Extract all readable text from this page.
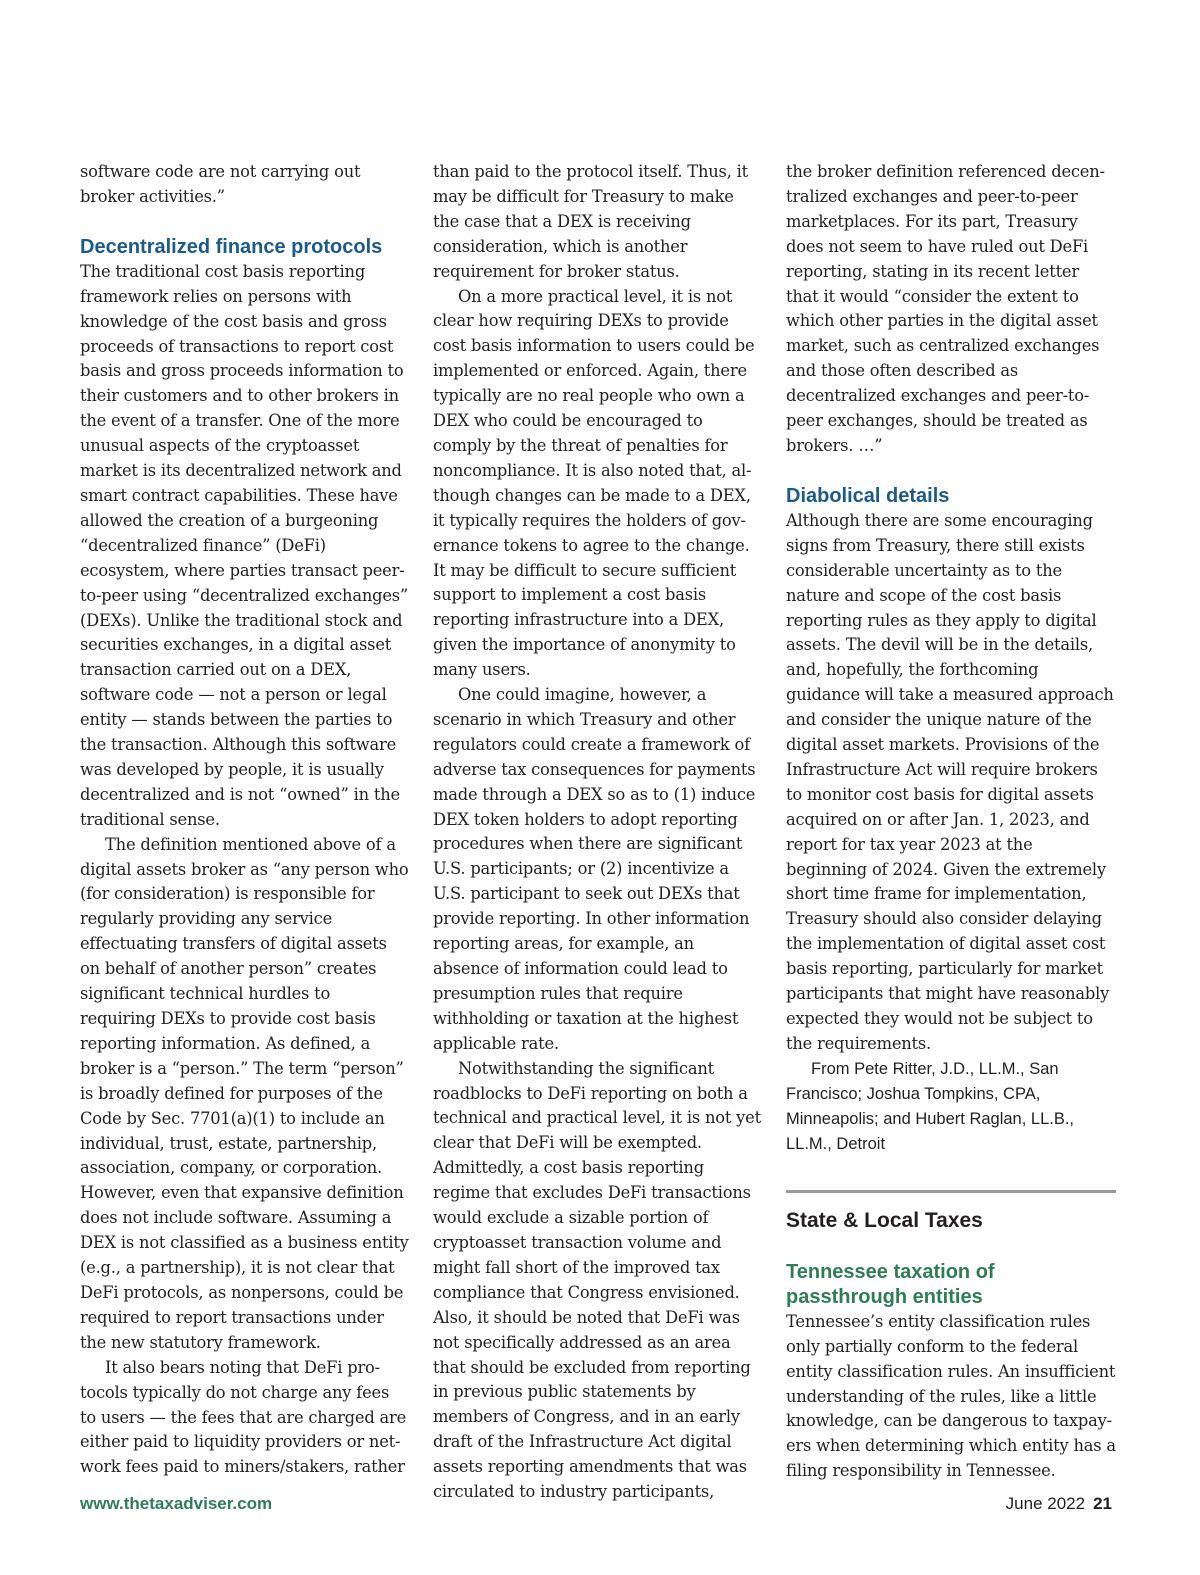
software code are not carrying out broker activities.”

Decentralized finance protocols

The traditional cost basis reporting framework relies on persons with knowledge of the cost basis and gross proceeds of transactions to report cost basis and gross proceeds information to their customers and to other brokers in the event of a transfer. One of the more unusual aspects of the cryptoasset market is its decentralized network and smart contract capabilities. These have allowed the creation of a burgeoning “decentralized finance” (DeFi) ecosystem, where parties transact peer-to-peer using “decentralized exchanges” (DEXs). Unlike the traditional stock and securities exchanges, in a digital asset transaction carried out on a DEX, software code — not a person or legal entity — stands between the parties to the transaction. Although this software was developed by people, it is usually decentralized and is not “owned” in the traditional sense.

The definition mentioned above of a digital assets broker as “any person who (for consideration) is responsible for regularly providing any service effectuating transfers of digital assets on behalf of another person” creates significant technical hurdles to requiring DEXs to provide cost basis reporting information. As defined, a broker is a “person.” The term “person” is broadly defined for purposes of the Code by Sec. 7701(a)(1) to include an individual, trust, estate, partnership, association, company, or corporation. However, even that expansive definition does not include software. Assuming a DEX is not classified as a business entity (e.g., a partnership), it is not clear that DeFi protocols, as nonpersons, could be required to report transactions under the new statutory framework.

It also bears noting that DeFi protocols typically do not charge any fees to users — the fees that are charged are either paid to liquidity providers or network fees paid to miners/stakers, rather

than paid to the protocol itself. Thus, it may be difficult for Treasury to make the case that a DEX is receiving consideration, which is another requirement for broker status.

On a more practical level, it is not clear how requiring DEXs to provide cost basis information to users could be implemented or enforced. Again, there typically are no real people who own a DEX who could be encouraged to comply by the threat of penalties for noncompliance. It is also noted that, although changes can be made to a DEX, it typically requires the holders of governance tokens to agree to the change. It may be difficult to secure sufficient support to implement a cost basis reporting infrastructure into a DEX, given the importance of anonymity to many users.

One could imagine, however, a scenario in which Treasury and other regulators could create a framework of adverse tax consequences for payments made through a DEX so as to (1) induce DEX token holders to adopt reporting procedures when there are significant U.S. participants; or (2) incentivize a U.S. participant to seek out DEXs that provide reporting. In other information reporting areas, for example, an absence of information could lead to presumption rules that require withholding or taxation at the highest applicable rate.

Notwithstanding the significant roadblocks to DeFi reporting on both a technical and practical level, it is not yet clear that DeFi will be exempted. Admittedly, a cost basis reporting regime that excludes DeFi transactions would exclude a sizable portion of cryptoasset transaction volume and might fall short of the improved tax compliance that Congress envisioned. Also, it should be noted that DeFi was not specifically addressed as an area that should be excluded from reporting in previous public statements by members of Congress, and in an early draft of the Infrastructure Act digital assets reporting amendments that was circulated to industry participants,

the broker definition referenced decentralized exchanges and peer-to-peer marketplaces. For its part, Treasury does not seem to have ruled out DeFi reporting, stating in its recent letter that it would “consider the extent to which other parties in the digital asset market, such as centralized exchanges and those often described as decentralized exchanges and peer-to-peer exchanges, should be treated as brokers. …”

Diabolical details

Although there are some encouraging signs from Treasury, there still exists considerable uncertainty as to the nature and scope of the cost basis reporting rules as they apply to digital assets. The devil will be in the details, and, hopefully, the forthcoming guidance will take a measured approach and consider the unique nature of the digital asset markets. Provisions of the Infrastructure Act will require brokers to monitor cost basis for digital assets acquired on or after Jan. 1, 2023, and report for tax year 2023 at the beginning of 2024. Given the extremely short time frame for implementation, Treasury should also consider delaying the implementation of digital asset cost basis reporting, particularly for market participants that might have reasonably expected they would not be subject to the requirements.

From Pete Ritter, J.D., LL.M., San Francisco; Joshua Tompkins, CPA, Minneapolis; and Hubert Raglan, LL.B., LL.M., Detroit

State & Local Taxes
Tennessee taxation of passthrough entities

Tennessee’s entity classification rules only partially conform to the federal entity classification rules. An insufficient understanding of the rules, like a little knowledge, can be dangerous to taxpayers when determining which entity has a filing responsibility in Tennessee.

www.thetaxadviser.com	June 2022 21
